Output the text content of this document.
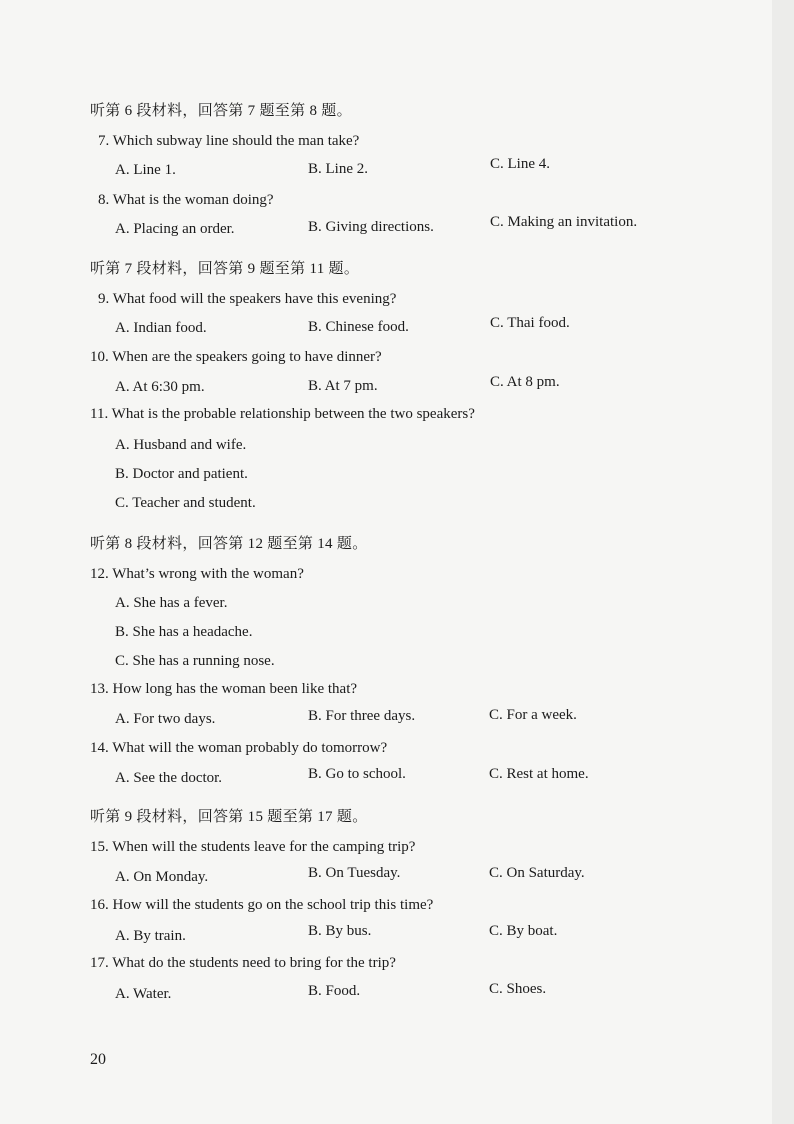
听第 6 段材料，回答第 7 题至第 8 题。
7. Which subway line should the man take?
A. Line 1.	B. Line 2.	C. Line 4.
8. What is the woman doing?
A. Placing an order.	B. Giving directions.	C. Making an invitation.
听第 7 段材料，回答第 9 题至第 11 题。
9. What food will the speakers have this evening?
A. Indian food.	B. Chinese food.	C. Thai food.
10. When are the speakers going to have dinner?
A. At 6:30 pm.	B. At 7 pm.	C. At 8 pm.
11. What is the probable relationship between the two speakers?
A. Husband and wife.
B. Doctor and patient.
C. Teacher and student.
听第 8 段材料，回答第 12 题至第 14 题。
12. What’s wrong with the woman?
A. She has a fever.
B. She has a headache.
C. She has a running nose.
13. How long has the woman been like that?
A. For two days.	B. For three days.	C. For a week.
14. What will the woman probably do tomorrow?
A. See the doctor.	B. Go to school.	C. Rest at home.
听第 9 段材料，回答第 15 题至第 17 题。
15. When will the students leave for the camping trip?
A. On Monday.	B. On Tuesday.	C. On Saturday.
16. How will the students go on the school trip this time?
A. By train.	B. By bus.	C. By boat.
17. What do the students need to bring for the trip?
A. Water.	B. Food.	C. Shoes.
20
